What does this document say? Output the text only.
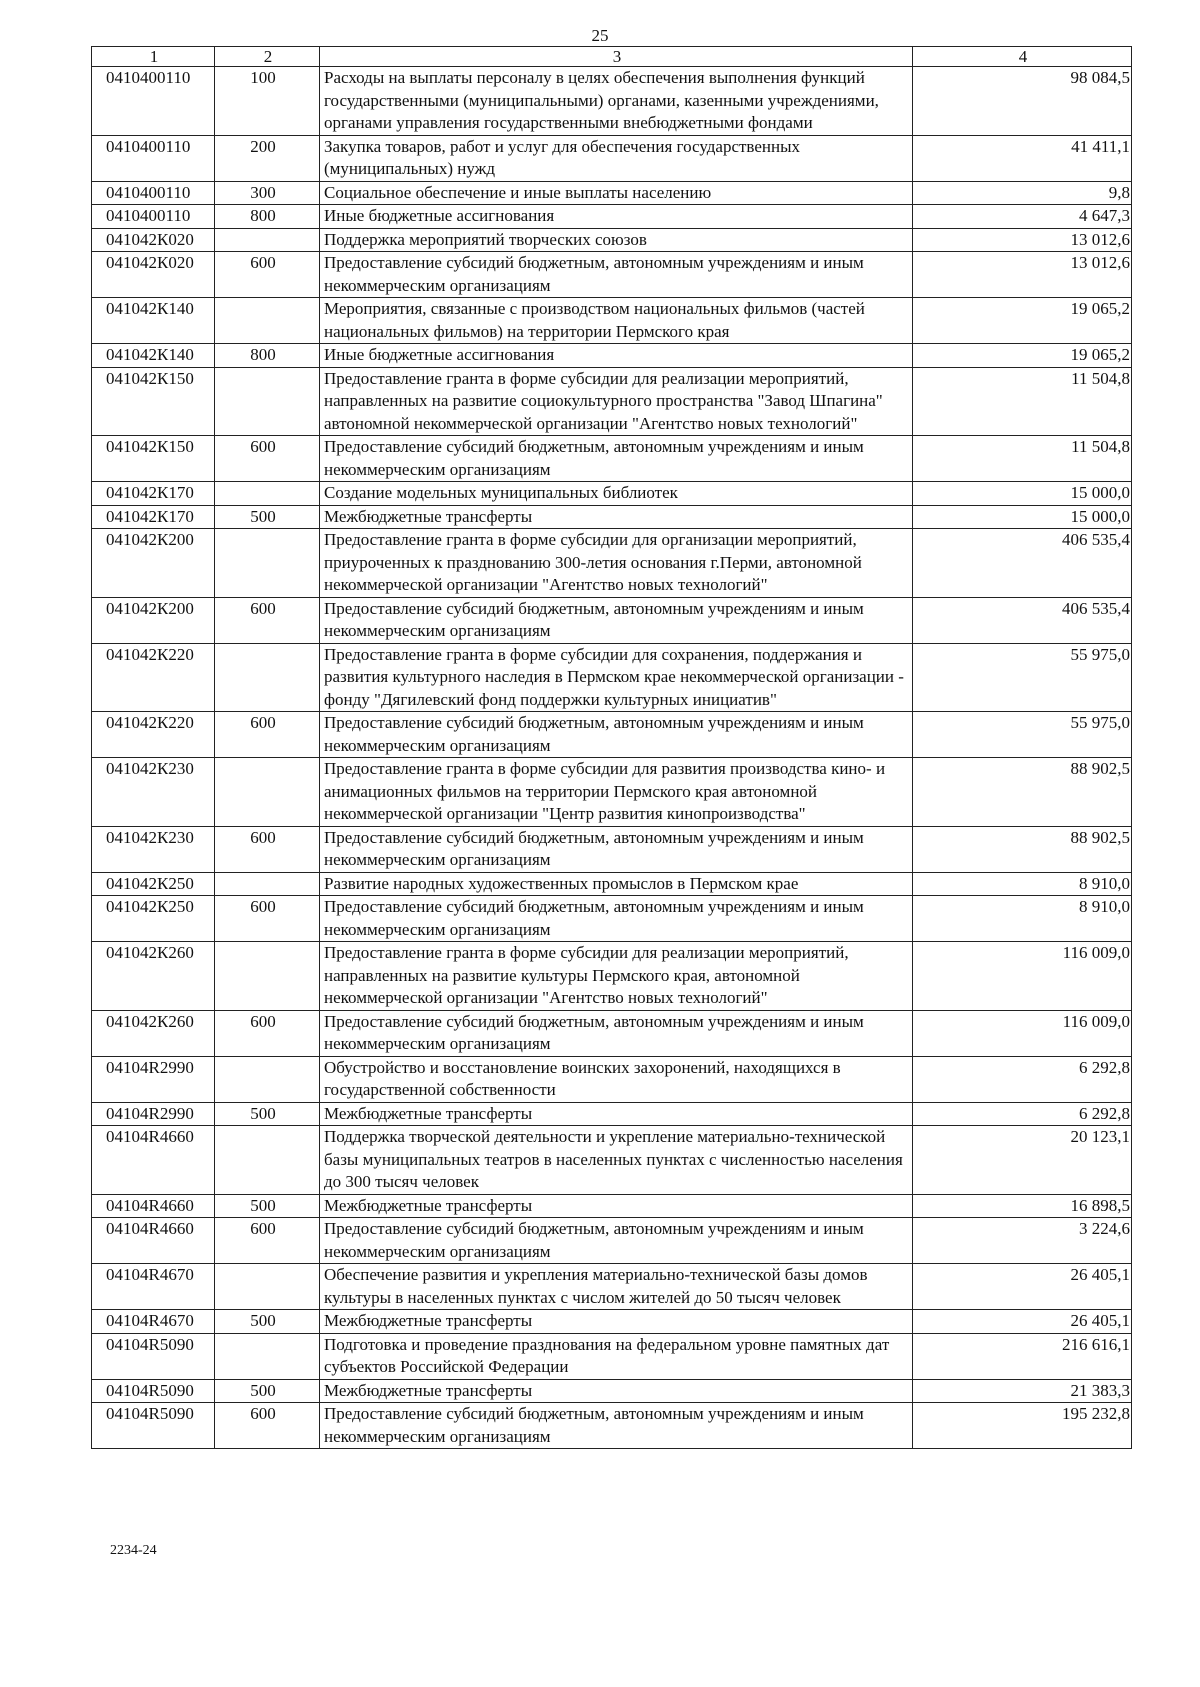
25
1	2	3	4
0410400110	100	Расходы на выплаты персоналу в целях обеспечения выполнения функций государственными (муниципальными) органами, казенными учреждениями, органами управления государственными внебюджетными фондами	98 084,5
0410400110	200	Закупка товаров, работ и услуг для обеспечения государственных (муниципальных) нужд	41 411,1
0410400110	300	Социальное обеспечение и иные выплаты населению	9,8
0410400110	800	Иные бюджетные ассигнования	4 647,3
041042К020		Поддержка мероприятий творческих союзов	13 012,6
041042К020	600	Предоставление субсидий бюджетным, автономным учреждениям и иным некоммерческим организациям	13 012,6
041042К140		Мероприятия, связанные с производством национальных фильмов (частей национальных фильмов) на территории Пермского края	19 065,2
041042К140	800	Иные бюджетные ассигнования	19 065,2
041042К150		Предоставление гранта в форме субсидии для реализации мероприятий, направленных на развитие социокультурного пространства "Завод Шпагина" автономной некоммерческой организации "Агентство новых технологий"	11 504,8
041042К150	600	Предоставление субсидий бюджетным, автономным учреждениям и иным некоммерческим организациям	11 504,8
041042К170		Создание модельных муниципальных библиотек	15 000,0
041042К170	500	Межбюджетные трансферты	15 000,0
041042К200		Предоставление гранта в форме субсидии для организации мероприятий, приуроченных к празднованию 300-летия основания г.Перми, автономной некоммерческой организации "Агентство новых технологий"	406 535,4
041042К200	600	Предоставление субсидий бюджетным, автономным учреждениям и иным некоммерческим организациям	406 535,4
041042К220		Предоставление гранта в форме субсидии для сохранения, поддержания и развития культурного наследия в Пермском крае некоммерческой организации - фонду "Дягилевский фонд поддержки культурных инициатив"	55 975,0
041042К220	600	Предоставление субсидий бюджетным, автономным учреждениям и иным некоммерческим организациям	55 975,0
041042К230		Предоставление гранта в форме субсидии для развития производства кино- и анимационных фильмов на территории Пермского края автономной некоммерческой организации "Центр развития кинопроизводства"	88 902,5
041042К230	600	Предоставление субсидий бюджетным, автономным учреждениям и иным некоммерческим организациям	88 902,5
041042К250		Развитие народных художественных промыслов в Пермском крае	8 910,0
041042К250	600	Предоставление субсидий бюджетным, автономным учреждениям и иным некоммерческим организациям	8 910,0
041042К260		Предоставление гранта в форме субсидии для реализации мероприятий, направленных на развитие культуры Пермского края, автономной некоммерческой организации "Агентство новых технологий"	116 009,0
041042К260	600	Предоставление субсидий бюджетным, автономным учреждениям и иным некоммерческим организациям	116 009,0
04104R2990		Обустройство и восстановление воинских захоронений, находящихся в государственной собственности	6 292,8
04104R2990	500	Межбюджетные трансферты	6 292,8
04104R4660		Поддержка творческой деятельности и укрепление материально-технической базы муниципальных театров в населенных пунктах с численностью населения до 300 тысяч человек	20 123,1
04104R4660	500	Межбюджетные трансферты	16 898,5
04104R4660	600	Предоставление субсидий бюджетным, автономным учреждениям и иным некоммерческим организациям	3 224,6
04104R4670		Обеспечение развития и укрепления материально-технической базы домов культуры в населенных пунктах с числом жителей до 50 тысяч человек	26 405,1
04104R4670	500	Межбюджетные трансферты	26 405,1
04104R5090		Подготовка и проведение празднования на федеральном уровне памятных дат субъектов Российской Федерации	216 616,1
04104R5090	500	Межбюджетные трансферты	21 383,3
04104R5090	600	Предоставление субсидий бюджетным, автономным учреждениям и иным некоммерческим организациям	195 232,8
2234-24
